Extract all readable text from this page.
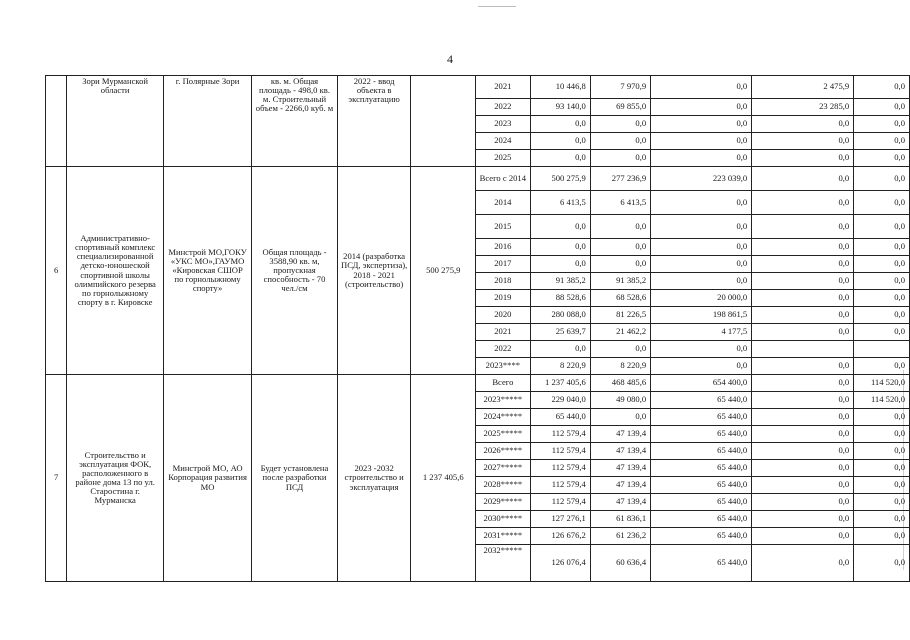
4
	Зори Мурманской области	г. Полярные Зори	кв. м. Общая площадь - 498,0 кв. м. Строительный объем - 2266,0 куб. м	2022 - ввод объекта в эксплуатацию		2021	10 446,8	7 970,9	0,0	2 475,9	0,0
						2022	93 140,0	69 855,0	0,0	23 285,0	0,0
						2023	0,0	0,0	0,0	0,0	0,0
						2024	0,0	0,0	0,0	0,0	0,0
						2025	0,0	0,0	0,0	0,0	0,0
6	Административно-спортивный комплекс специализированной детско-юношеской спортивной школы олимпийского резерва по горнолыжному спорту в г. Кировске	Минстрой МО,ГОКУ «УКС МО»,ГАУМО «Кировская СШОР по горнолыжному спорту»	Общая площадь - 3588,90 кв. м, пропускная способность - 70 чел./см	2014 (разработка ПСД, экспертиза), 2018 - 2021 (строительство)	500 275,9	Всего с 2014	500 275,9	277 236,9	223 039,0	0,0	0,0
						2014	6 413,5	6 413,5	0,0	0,0	0,0
						2015	0,0	0,0	0,0	0,0	0,0
						2016	0,0	0,0	0,0	0,0	0,0
						2017	0,0	0,0	0,0	0,0	0,0
						2018	91 385,2	91 385,2	0,0	0,0	0,0
						2019	88 528,6	68 528,6	20 000,0	0,0	0,0
						2020	280 088,0	81 226,5	198 861,5	0,0	0,0
						2021	25 639,7	21 462,2	4 177,5	0,0	0,0
						2022	0,0	0,0	0,0		
						2023****	8 220,9	8 220,9	0,0	0,0	0,0
7	Строительство и эксплуатация ФОК, расположенного в районе дома 13 по ул. Старостина г. Мурманска	Минстрой МО, АО Корпорация развития МО	Будет установлена после разработки ПСД	2023 -2032 строительство и эксплуатация	1 237 405,6	Всего	1 237 405,6	468 485,6	654 400,0	0,0	114 520,0
						2023*****	229 040,0	49 080,0	65 440,0	0,0	114 520,0
						2024*****	65 440,0	0,0	65 440,0	0,0	0,0
						2025*****	112 579,4	47 139,4	65 440,0	0,0	0,0
						2026*****	112 579,4	47 139,4	65 440,0	0,0	0,0
						2027*****	112 579,4	47 139,4	65 440,0	0,0	0,0
						2028*****	112 579,4	47 139,4	65 440,0	0,0	0,0
						2029*****	112 579,4	47 139,4	65 440,0	0,0	0,0
						2030*****	127 276,1	61 836,1	65 440,0	0,0	0,0
						2031*****	126 676,2	61 236,2	65 440,0	0,0	0,0
						2032*****	126 076,4	60 636,4	65 440,0	0,0	0,0
